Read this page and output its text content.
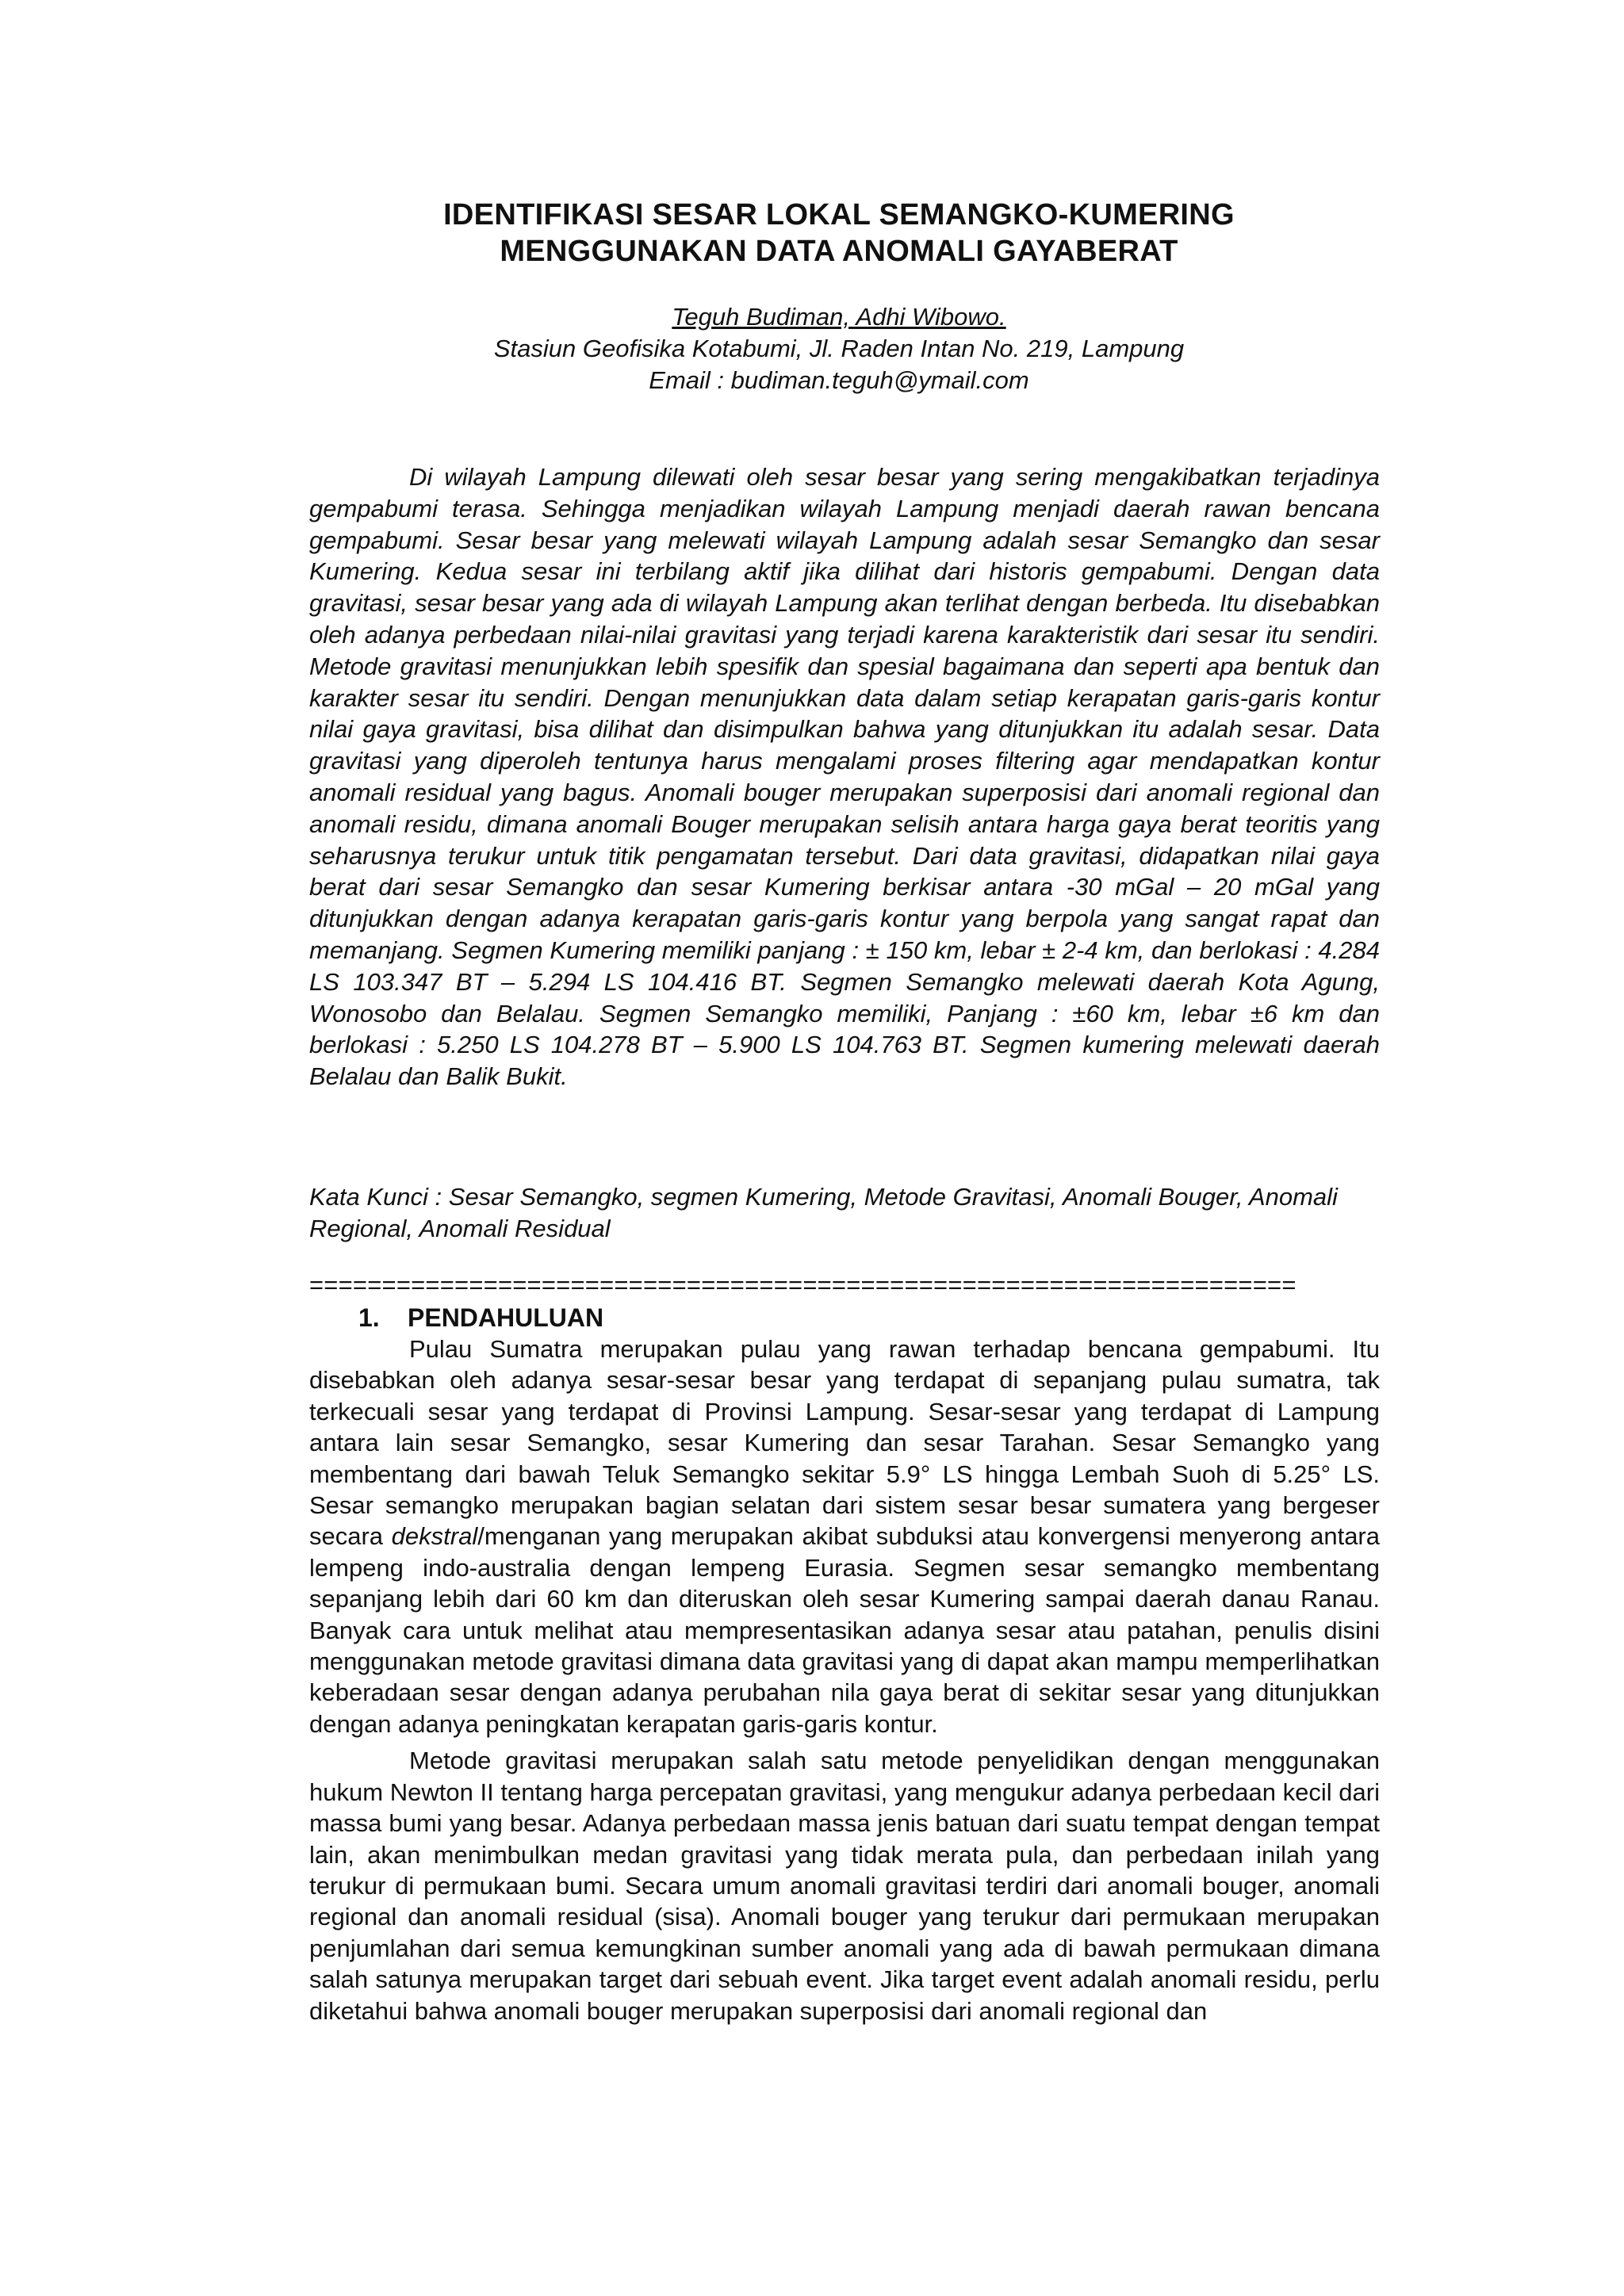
IDENTIFIKASI SESAR LOKAL SEMANGKO-KUMERING
MENGGUNAKAN DATA ANOMALI GAYABERAT
Teguh Budiman, Adhi Wibowo.
Stasiun Geofisika Kotabumi, Jl. Raden Intan No. 219, Lampung
Email : budiman.teguh@ymail.com

Di wilayah Lampung dilewati oleh sesar besar yang sering mengakibatkan terjadinya gempabumi terasa. Sehingga menjadikan wilayah Lampung menjadi daerah rawan bencana gempabumi. Sesar besar yang melewati wilayah Lampung adalah sesar Semangko dan sesar Kumering. Kedua sesar ini terbilang aktif jika dilihat dari historis gempabumi. Dengan data gravitasi, sesar besar yang ada di wilayah Lampung akan terlihat dengan berbeda. Itu disebabkan oleh adanya perbedaan nilai-nilai gravitasi yang terjadi karena karakteristik dari sesar itu sendiri. Metode gravitasi menunjukkan lebih spesifik dan spesial bagaimana dan seperti apa bentuk dan karakter sesar itu sendiri. Dengan menunjukkan data dalam setiap kerapatan garis-garis kontur nilai gaya gravitasi, bisa dilihat dan disimpulkan bahwa yang ditunjukkan itu adalah sesar. Data gravitasi yang diperoleh tentunya harus mengalami proses filtering agar mendapatkan kontur anomali residual yang bagus. Anomali bouger merupakan superposisi dari anomali regional dan anomali residu, dimana anomali Bouger merupakan selisih antara harga gaya berat teoritis yang seharusnya terukur untuk titik pengamatan tersebut. Dari data gravitasi, didapatkan nilai gaya berat dari sesar Semangko dan sesar Kumering berkisar antara -30 mGal – 20 mGal yang ditunjukkan dengan adanya kerapatan garis-garis kontur yang berpola yang sangat rapat dan memanjang. Segmen Kumering memiliki panjang : ± 150 km, lebar ± 2-4 km, dan berlokasi : 4.284 LS 103.347 BT – 5.294 LS 104.416 BT. Segmen Semangko melewati daerah Kota Agung, Wonosobo dan Belalau. Segmen Semangko memiliki, Panjang : ±60 km, lebar ±6 km dan berlokasi : 5.250 LS 104.278 BT – 5.900 LS 104.763 BT. Segmen kumering melewati daerah Belalau dan Balik Bukit.

Kata Kunci : Sesar Semangko, segmen Kumering, Metode Gravitasi, Anomali Bouger, Anomali Regional, Anomali Residual

====================================================================
1. PENDAHULUAN

Pulau Sumatra merupakan pulau yang rawan terhadap bencana gempabumi. Itu disebabkan oleh adanya sesar-sesar besar yang terdapat di sepanjang pulau sumatra, tak terkecuali sesar yang terdapat di Provinsi Lampung. Sesar-sesar yang terdapat di Lampung antara lain sesar Semangko, sesar Kumering dan sesar Tarahan. Sesar Semangko yang membentang dari bawah Teluk Semangko sekitar 5.9° LS hingga Lembah Suoh di 5.25° LS. Sesar semangko merupakan bagian selatan dari sistem sesar besar sumatera yang bergeser secara dekstral/menganan yang merupakan akibat subduksi atau konvergensi menyerong antara lempeng indo-australia dengan lempeng Eurasia. Segmen sesar semangko membentang sepanjang lebih dari 60 km dan diteruskan oleh sesar Kumering sampai daerah danau Ranau. Banyak cara untuk melihat atau mempresentasikan adanya sesar atau patahan, penulis disini menggunakan metode gravitasi dimana data gravitasi yang di dapat akan mampu memperlihatkan keberadaan sesar dengan adanya perubahan nila gaya berat di sekitar sesar yang ditunjukkan dengan adanya peningkatan kerapatan garis-garis kontur.

Metode gravitasi merupakan salah satu metode penyelidikan dengan menggunakan hukum Newton II tentang harga percepatan gravitasi, yang mengukur adanya perbedaan kecil dari massa bumi yang besar. Adanya perbedaan massa jenis batuan dari suatu tempat dengan tempat lain, akan menimbulkan medan gravitasi yang tidak merata pula, dan perbedaan inilah yang terukur di permukaan bumi. Secara umum anomali gravitasi terdiri dari anomali bouger, anomali regional dan anomali residual (sisa). Anomali bouger yang terukur dari permukaan merupakan penjumlahan dari semua kemungkinan sumber anomali yang ada di bawah permukaan dimana salah satunya merupakan target dari sebuah event. Jika target event adalah anomali residu, perlu diketahui bahwa anomali bouger merupakan superposisi dari anomali regional dan
